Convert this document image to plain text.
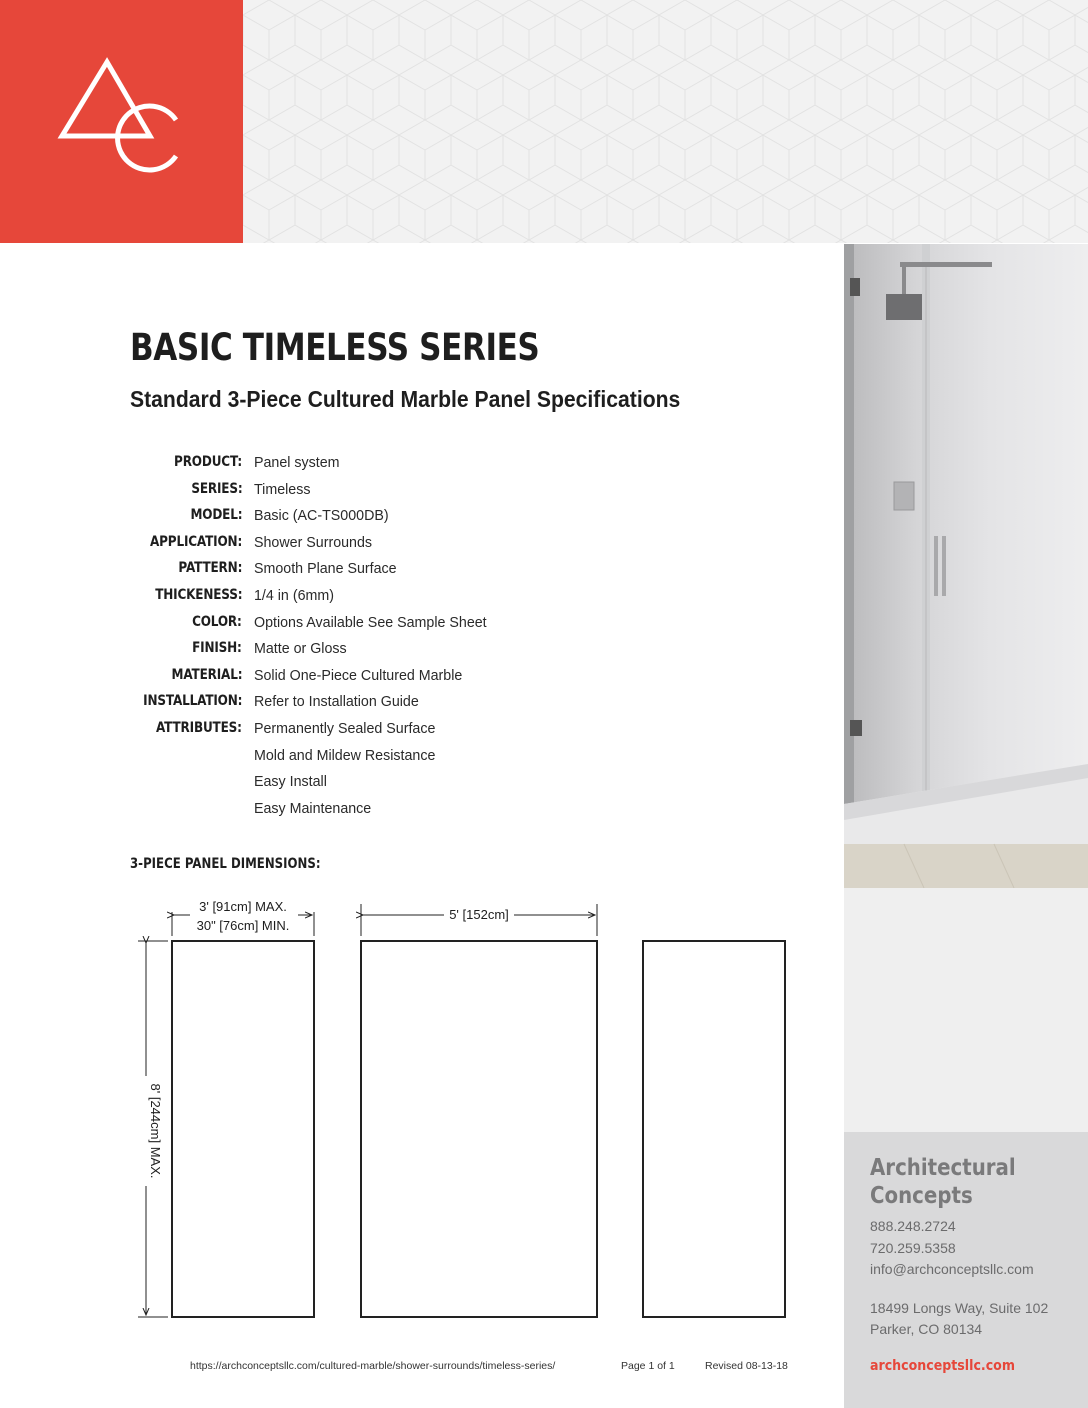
BASIC TIMELESS SERIES
Standard 3-Piece Cultured Marble Panel Specifications
PRODUCT: Panel system
SERIES: Timeless
MODEL: Basic (AC-TS000DB)
APPLICATION: Shower Surrounds
PATTERN: Smooth Plane Surface
THICKENESS: 1/4 in (6mm)
COLOR: Options Available See Sample Sheet
FINISH: Matte or Gloss
MATERIAL: Solid One-Piece Cultured Marble
INSTALLATION: Refer to Installation Guide
ATTRIBUTES: Permanently Sealed Surface
Mold and Mildew Resistance
Easy Install
Easy Maintenance
3-PIECE PANEL DIMENSIONS:
3' [91cm] MAX.
30" [76cm] MIN.
5' [152cm]
8' [244cm] MAX.	Architectural
Concepts
888.248.2724
720.259.5358
info@archconceptsllc.com
18499 Longs Way, Suite 102
Parker, CO 80134
archconceptsllc.com
https://archconceptsllc.com/cultured-marble/shower-surrounds/timeless-series/	Page 1 of 1	Revised 08-13-18
